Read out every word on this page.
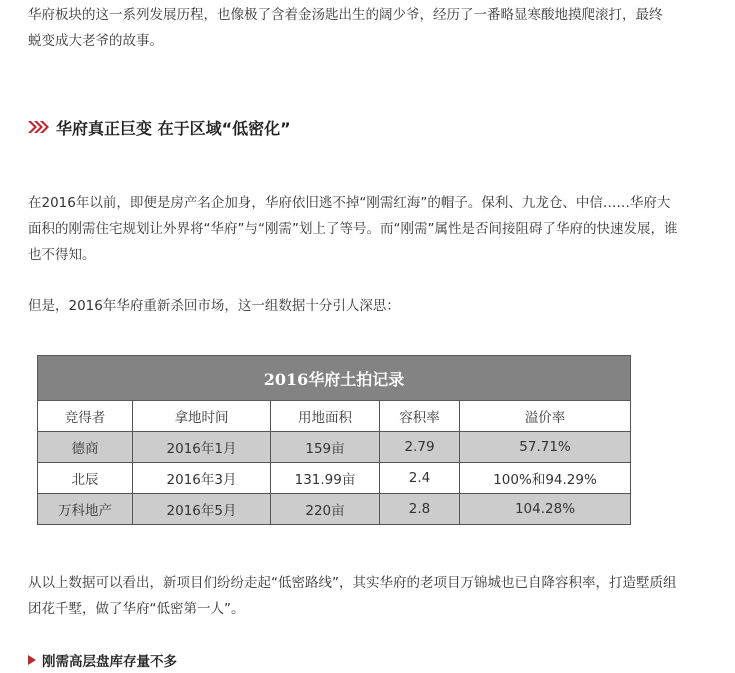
华府板块的这一系列发展历程，也像极了含着金汤匙出生的阔少爷，经历了一番略显寒酸地摸爬滚打，最终
蜕变成大老爷的故事。

华府真正巨变 在于区域“低密化”

在2016年以前，即便是房产名企加身，华府依旧逃不掉“刚需红海”的帽子。保利、九龙仓、中信……华府大
面积的刚需住宅规划让外界将“华府”与“刚需”划上了等号。而“刚需”属性是否间接阻碍了华府的快速发展，谁
也不得知。

但是，2016年华府重新杀回市场，这一组数据十分引人深思：

2016华府土拍记录				
竞得者	拿地时间	用地面积	容积率	溢价率
德商	2016年1月	159亩	2.79	57.71%
北辰	2016年3月	131.99亩	2.4	100%和94.29%
万科地产	2016年5月	220亩	2.8	104.28%

从以上数据可以看出，新项目们纷纷走起“低密路线”，其实华府的老项目万锦城也已自降容积率，打造墅质组
团花千墅，做了华府“低密第一人”。

刚需高层盘库存量不多
